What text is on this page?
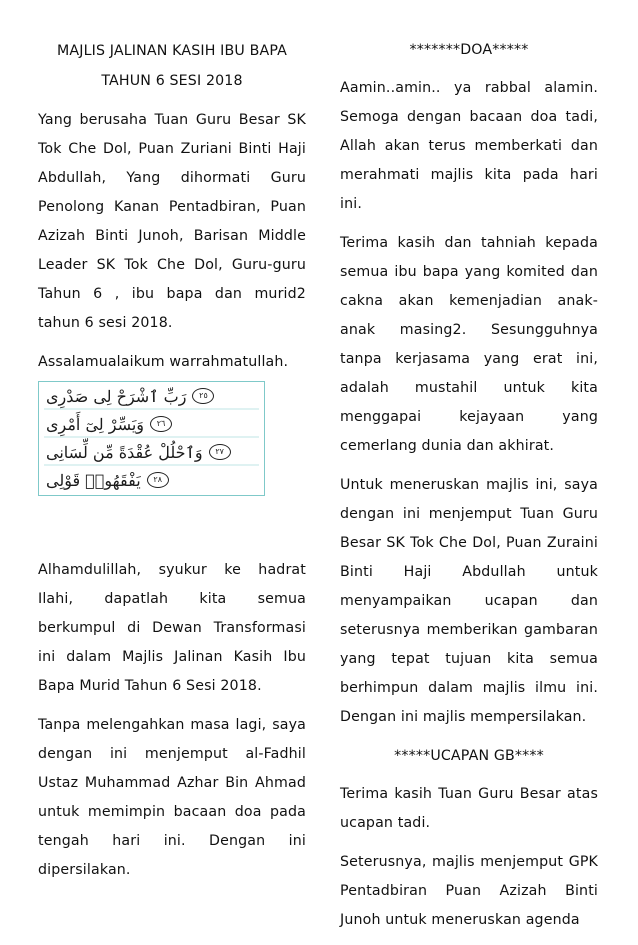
MAJLIS JALINAN KASIH IBU BAPA

TAHUN 6 SESI 2018

Yang berusaha Tuan Guru Besar SK Tok Che Dol, Puan Zuriani Binti Haji Abdullah, Yang dihormati Guru Penolong Kanan Pentadbiran, Puan Azizah Binti Junoh, Barisan Middle Leader SK Tok Che Dol, Guru-guru Tahun 6 , ibu bapa dan murid2 tahun 6 sesi 2018.

Assalamualaikum warrahmatullah.

٢٥
رَبِّ ٱشْرَحْ لِى صَدْرِى
٢٦
وَيَسِّرْ لِىٓ أَمْرِى
٢٧
وَٱحْلُلْ عُقْدَةً مِّن لِّسَانِى
٢٨
يَفْقَهُوا۟ قَوْلِى

Alhamdulillah, syukur ke hadrat Ilahi, dapatlah kita semua berkumpul di Dewan Transformasi ini dalam Majlis Jalinan Kasih Ibu Bapa Murid Tahun 6 Sesi 2018.

Tanpa melengahkan masa lagi, saya dengan ini menjemput al-Fadhil Ustaz Muhammad Azhar Bin Ahmad untuk memimpin bacaan doa pada tengah hari ini. Dengan ini dipersilakan.

*******DOA*****

Aamin..amin.. ya rabbal alamin. Semoga dengan bacaan doa tadi, Allah akan terus memberkati dan merahmati majlis kita pada hari ini.

Terima kasih dan tahniah kepada semua ibu bapa yang komited dan cakna akan kemenjadian anak-anak masing2. Sesungguhnya tanpa kerjasama yang erat ini, adalah mustahil untuk kita menggapai kejayaan yang cemerlang dunia dan akhirat.

Untuk meneruskan majlis ini, saya dengan ini menjemput Tuan Guru Besar SK Tok Che Dol, Puan Zuraini Binti Haji Abdullah untuk menyampaikan ucapan dan seterusnya memberikan gambaran yang tepat tujuan kita semua berhimpun dalam majlis ilmu ini. Dengan ini majlis mempersilakan.

*****UCAPAN GB****

Terima kasih Tuan Guru Besar atas ucapan tadi.

Seterusnya, majlis menjemput GPK Pentadbiran Puan Azizah Binti Junoh untuk meneruskan agenda
